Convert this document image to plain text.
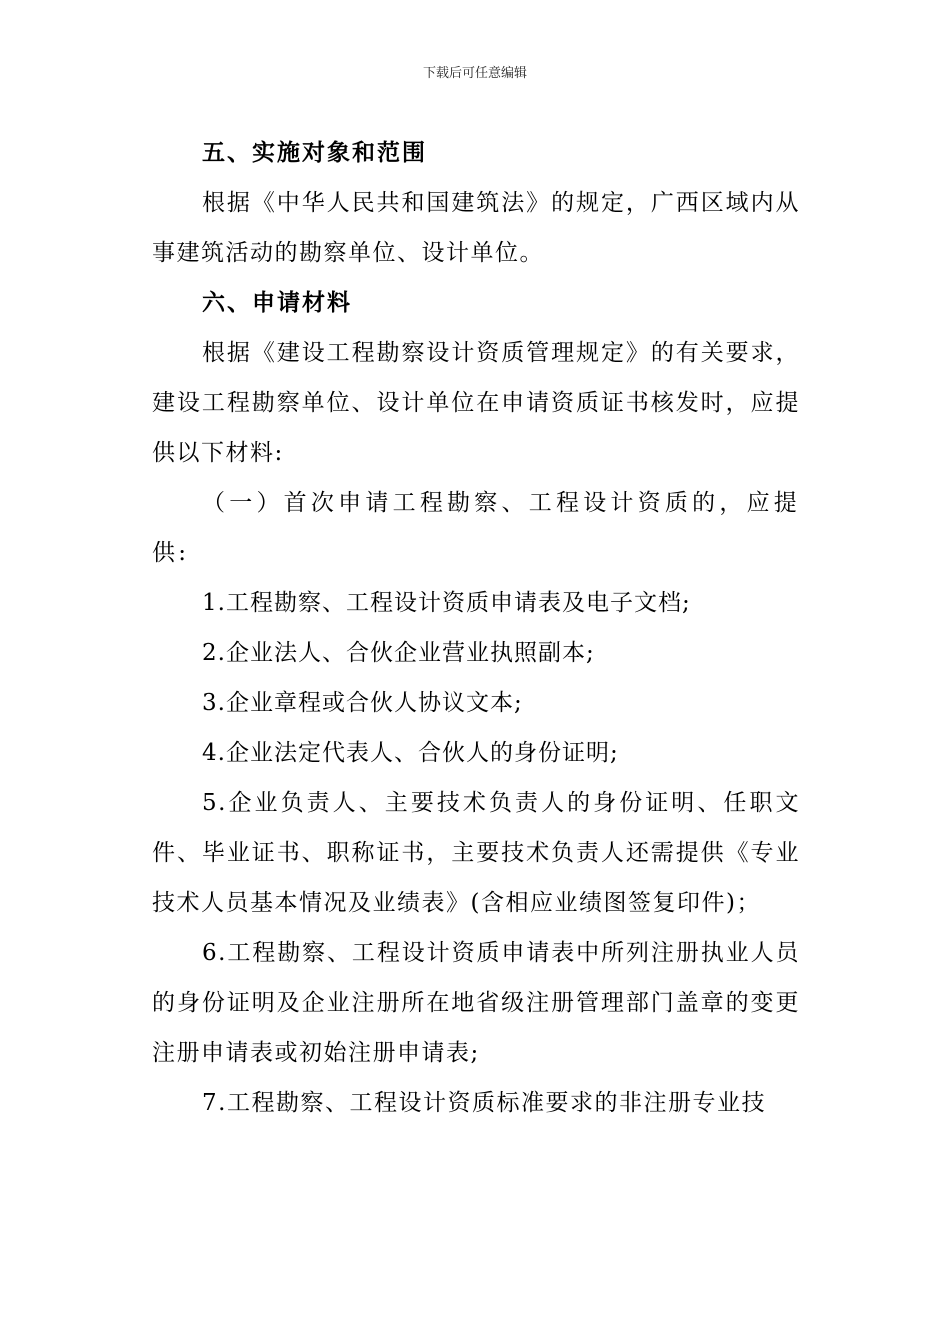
下载后可任意编辑
五、实施对象和范围

根据《中华人民共和国建筑法》的规定，广西区域内从事建筑活动的勘察单位、设计单位。

六、申请材料

根据《建设工程勘察设计资质管理规定》的有关要求，建设工程勘察单位、设计单位在申请资质证书核发时，应提供以下材料:

（一）首次申请工程勘察、工程设计资质的，应提供:

1.工程勘察、工程设计资质申请表及电子文档;

2.企业法人、合伙企业营业执照副本;

3.企业章程或合伙人协议文本;

4.企业法定代表人、合伙人的身份证明;

5.企业负责人、主要技术负责人的身份证明、任职文件、毕业证书、职称证书，主要技术负责人还需提供《专业技术人员基本情况及业绩表》(含相应业绩图签复印件)；

6.工程勘察、工程设计资质申请表中所列注册执业人员的身份证明及企业注册所在地省级注册管理部门盖章的变更注册申请表或初始注册申请表;

7.工程勘察、工程设计资质标准要求的非注册专业技
